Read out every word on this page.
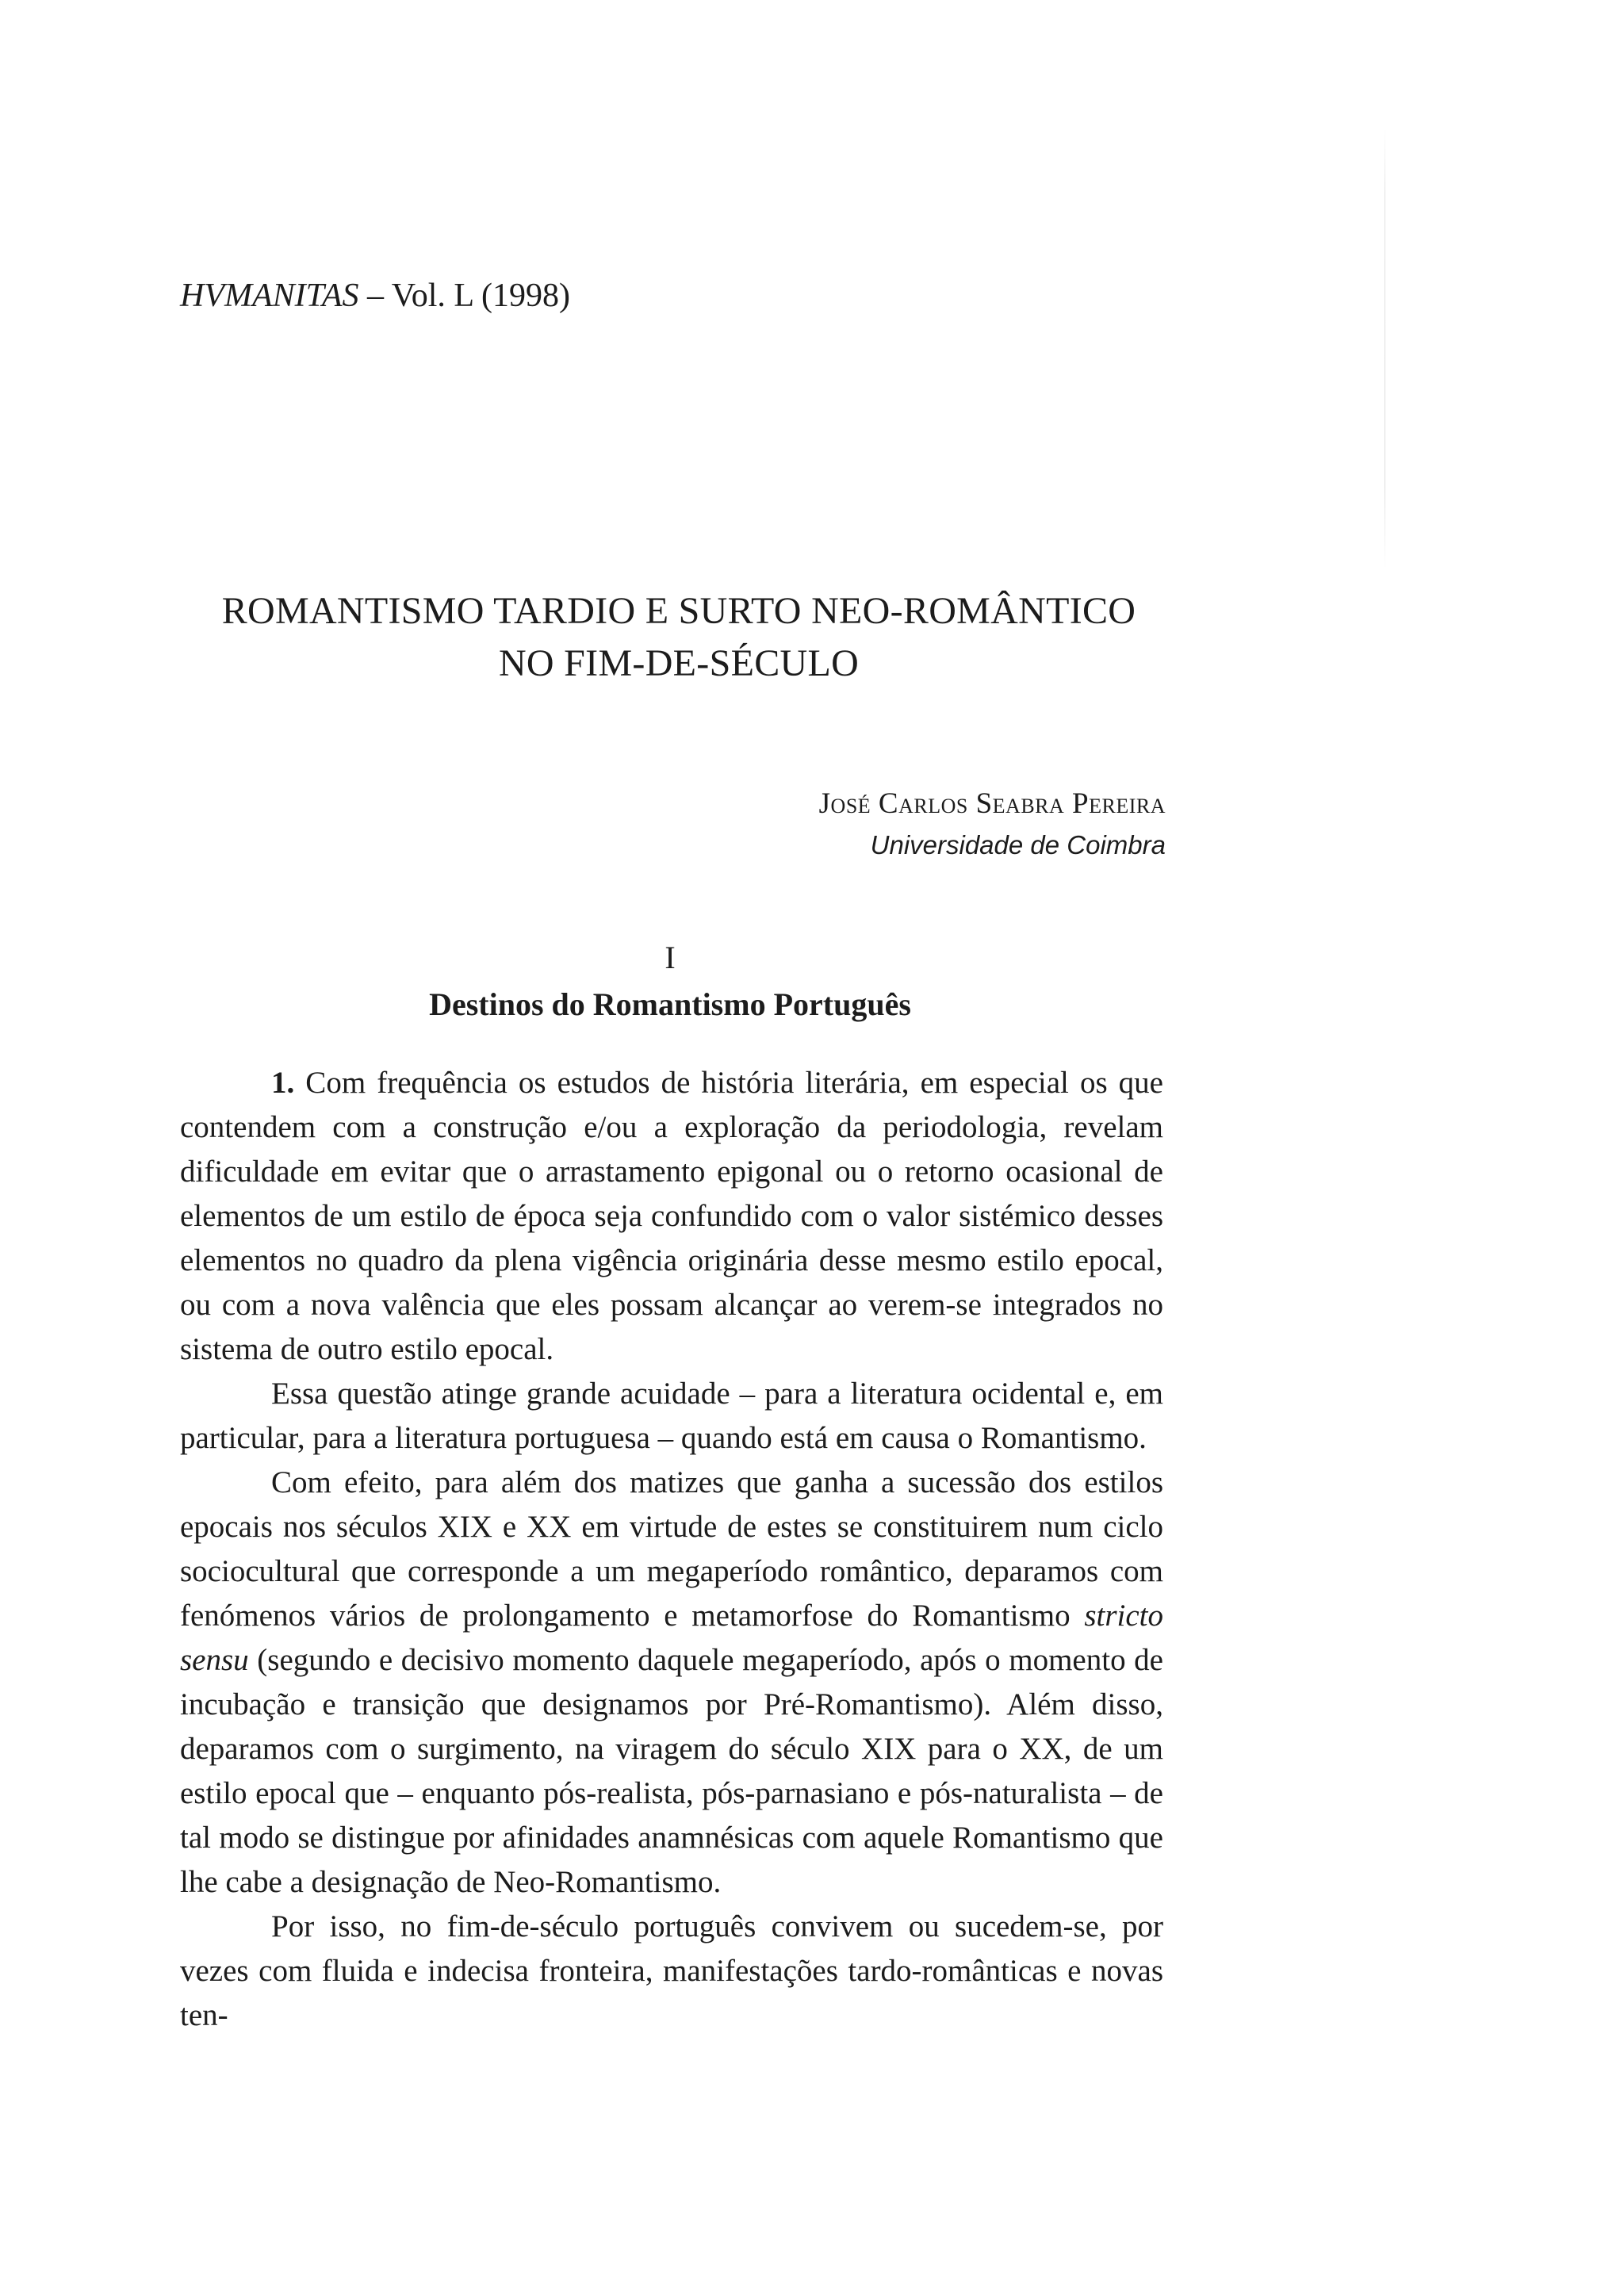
HVMANITAS – Vol. L (1998)
ROMANTISMO TARDIO E SURTO NEO-ROMÂNTICO
NO FIM-DE-SÉCULO
José Carlos Seabra Pereira
Universidade de Coimbra
I
Destinos do Romantismo Português

1. Com frequência os estudos de história literária, em especial os que contendem com a construção e/ou a exploração da periodologia, revelam dificuldade em evitar que o arrastamento epigonal ou o retorno ocasional de elementos de um estilo de época seja confundido com o valor sistémico desses elementos no quadro da plena vigência originária desse mesmo estilo epocal, ou com a nova valência que eles possam alcançar ao verem-se integrados no sistema de outro estilo epocal.

Essa questão atinge grande acuidade – para a literatura ocidental e, em particular, para a literatura portuguesa – quando está em causa o Romantismo.

Com efeito, para além dos matizes que ganha a sucessão dos estilos epocais nos séculos XIX e XX em virtude de estes se constituirem num ciclo sociocultural que corresponde a um megaperíodo romântico, deparamos com fenómenos vários de prolongamento e metamorfose do Romantismo stricto sensu (segundo e decisivo momento daquele megaperíodo, após o momento de incubação e transição que designamos por Pré-Romantismo). Além disso, deparamos com o surgimento, na viragem do século XIX para o XX, de um estilo epocal que – enquanto pós-realista, pós-parnasiano e pós-naturalista – de tal modo se distingue por afinidades anamnésicas com aquele Romantismo que lhe cabe a designação de Neo-Romantismo.

Por isso, no fim-de-século português convivem ou sucedem-se, por vezes com fluida e indecisa fronteira, manifestações tardo-românticas e novas ten-
